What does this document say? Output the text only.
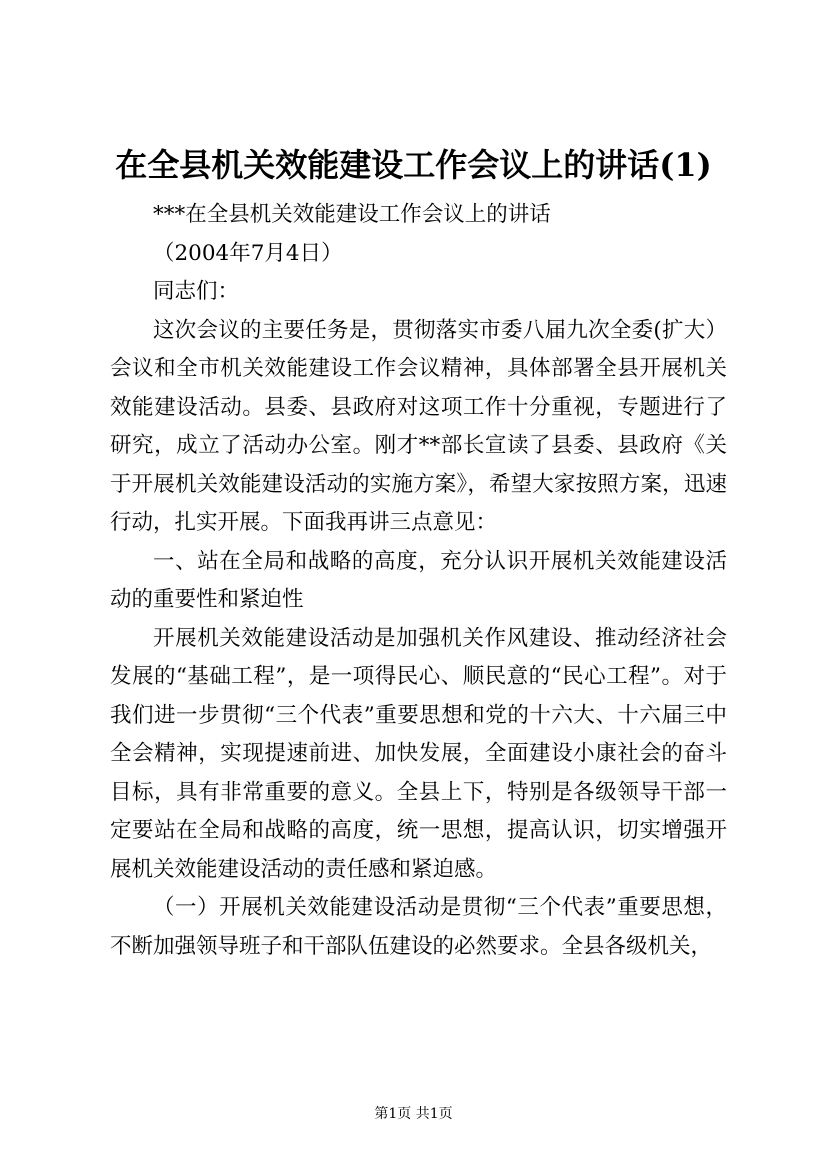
在全县机关效能建设工作会议上的讲话(1)

***在全县机关效能建设工作会议上的讲话

（2004年7月4日）

同志们：

这次会议的主要任务是，贯彻落实市委八届九次全委(扩大）会议和全市机关效能建设工作会议精神，具体部署全县开展机关效能建设活动。县委、县政府对这项工作十分重视，专题进行了研究，成立了活动办公室。刚才**部长宣读了县委、县政府《关于开展机关效能建设活动的实施方案》，希望大家按照方案，迅速行动，扎实开展。下面我再讲三点意见：

一、站在全局和战略的高度，充分认识开展机关效能建设活动的重要性和紧迫性

开展机关效能建设活动是加强机关作风建设、推动经济社会发展的“基础工程”，是一项得民心、顺民意的“民心工程”。对于我们进一步贯彻“三个代表”重要思想和党的十六大、十六届三中全会精神，实现提速前进、加快发展，全面建设小康社会的奋斗目标，具有非常重要的意义。全县上下，特别是各级领导干部一定要站在全局和战略的高度，统一思想，提高认识，切实增强开展机关效能建设活动的责任感和紧迫感。

（一）开展机关效能建设活动是贯彻“三个代表”重要思想，不断加强领导班子和干部队伍建设的必然要求。全县各级机关，

第1页 共1页
